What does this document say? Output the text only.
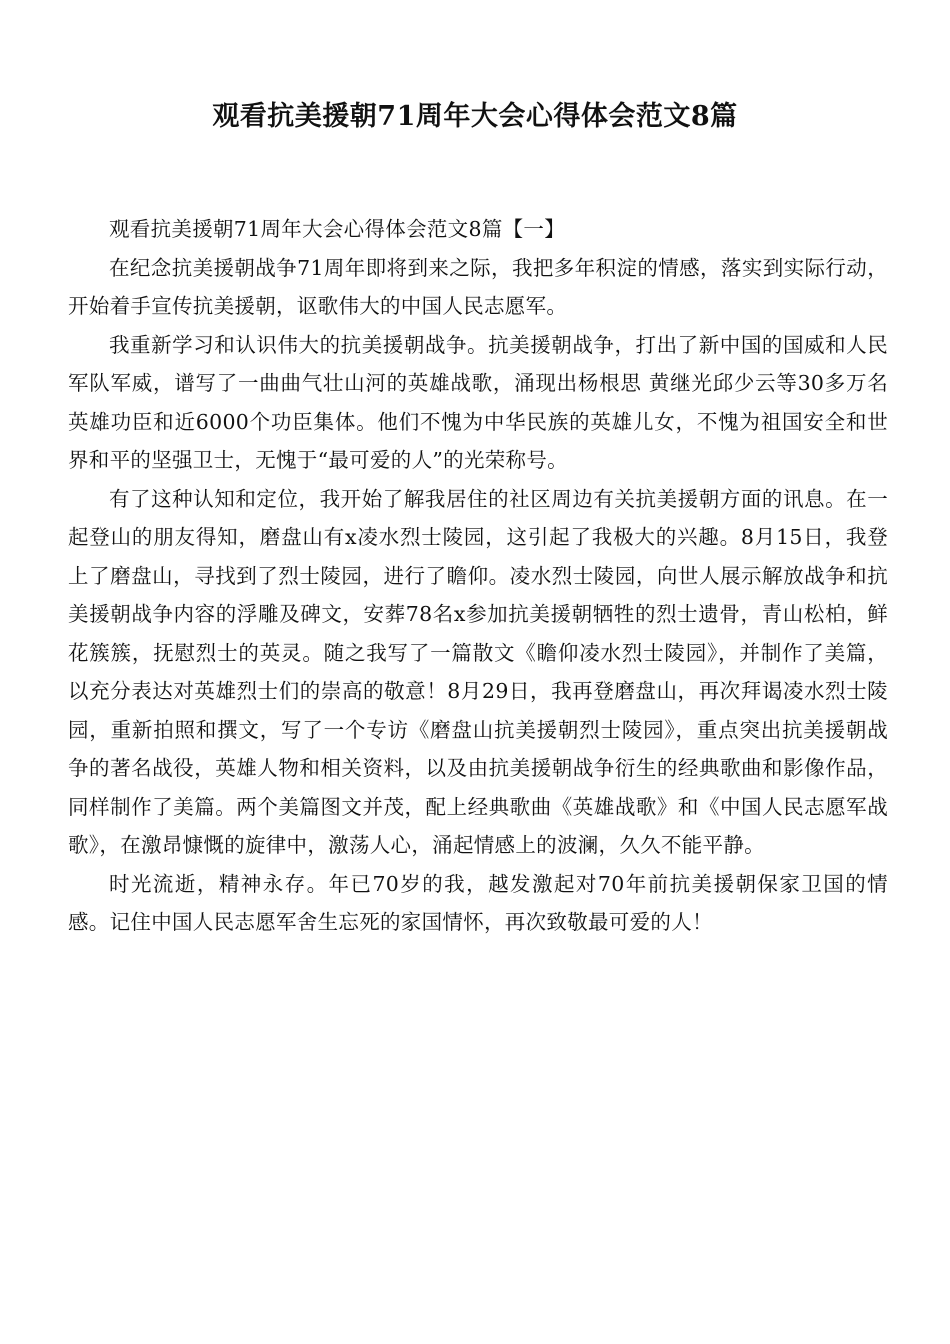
观看抗美援朝71周年大会心得体会范文8篇

观看抗美援朝71周年大会心得体会范文8篇【一】

在纪念抗美援朝战争71周年即将到来之际，我把多年积淀的情感，落实到实际行动，开始着手宣传抗美援朝，讴歌伟大的中国人民志愿军。

我重新学习和认识伟大的抗美援朝战争。抗美援朝战争，打出了新中国的国威和人民军队军威，谱写了一曲曲气壮山河的英雄战歌，涌现出杨根思 黄继光邱少云等30多万名英雄功臣和近6000个功臣集体。他们不愧为中华民族的英雄儿女，不愧为祖国安全和世界和平的坚强卫士，无愧于“最可爱的人”的光荣称号。

有了这种认知和定位，我开始了解我居住的社区周边有关抗美援朝方面的讯息。在一起登山的朋友得知，磨盘山有x凌水烈士陵园，这引起了我极大的兴趣。8月15日，我登上了磨盘山，寻找到了烈士陵园，进行了瞻仰。凌水烈士陵园，向世人展示解放战争和抗美援朝战争内容的浮雕及碑文，安葬78名x参加抗美援朝牺牲的烈士遗骨，青山松柏，鲜花簇簇，抚慰烈士的英灵。随之我写了一篇散文《瞻仰凌水烈士陵园》，并制作了美篇，以充分表达对英雄烈士们的崇高的敬意！8月29日，我再登磨盘山，再次拜谒凌水烈士陵园，重新拍照和撰文，写了一个专访《磨盘山抗美援朝烈士陵园》，重点突出抗美援朝战争的著名战役，英雄人物和相关资料，以及由抗美援朝战争衍生的经典歌曲和影像作品，同样制作了美篇。两个美篇图文并茂，配上经典歌曲《英雄战歌》和《中国人民志愿军战歌》，在激昂慷慨的旋律中，激荡人心，涌起情感上的波澜，久久不能平静。

时光流逝，精神永存。年已70岁的我，越发激起对70年前抗美援朝保家卫国的情感。记住中国人民志愿军舍生忘死的家国情怀，再次致敬最可爱的人！
